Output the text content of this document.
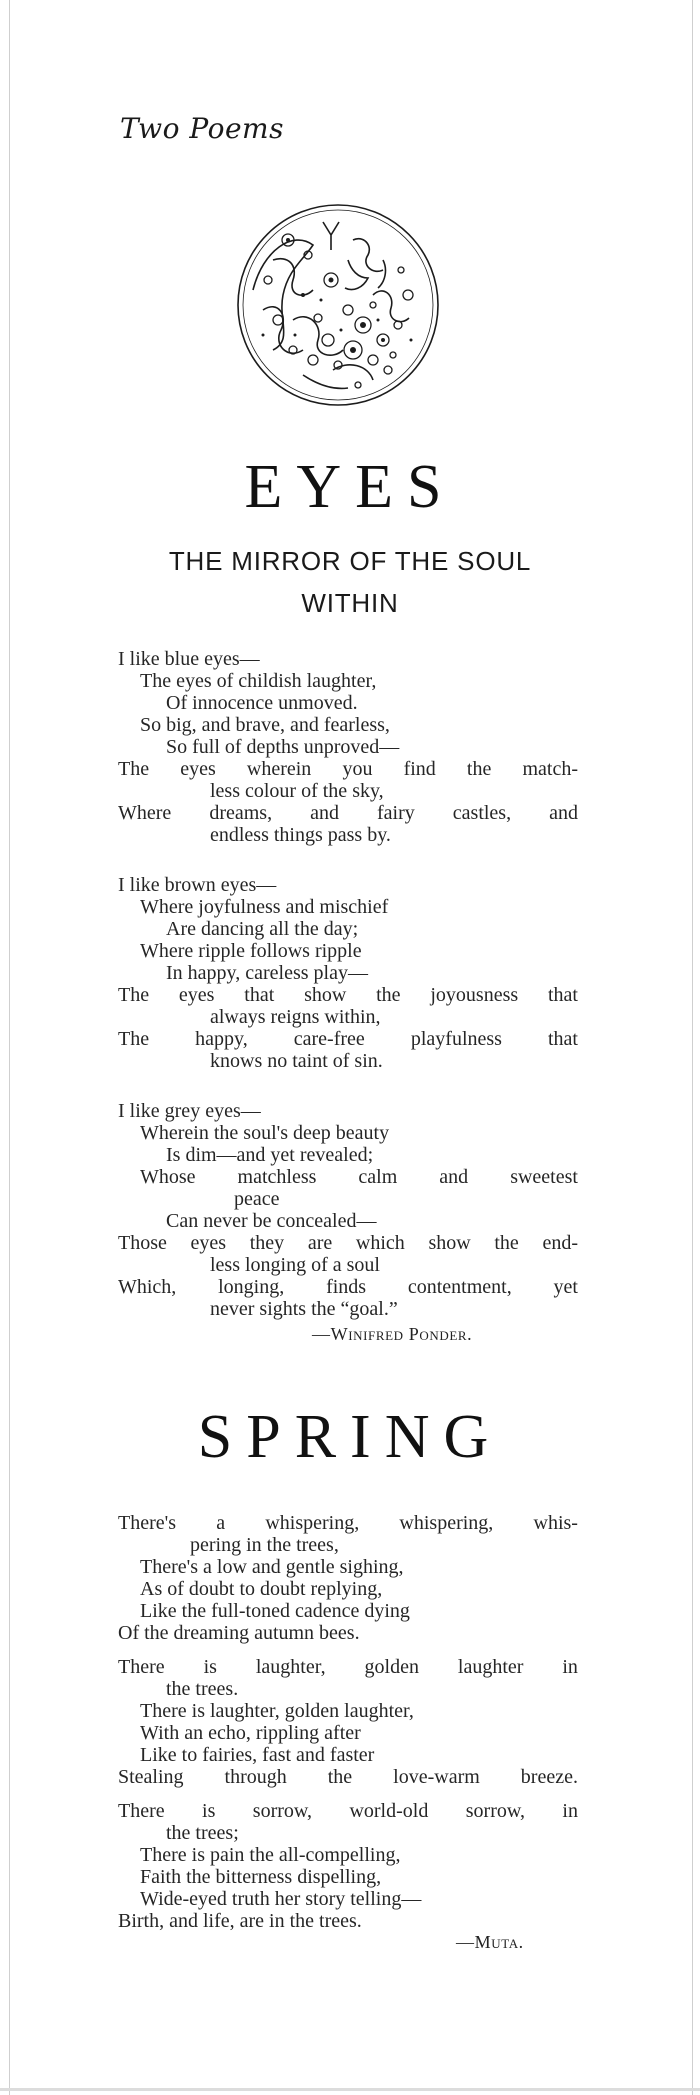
Two Poems
EYES
THE MIRROR OF THE SOUL
WITHIN
I like blue eyes—
The eyes of childish laughter,
Of innocence unmoved.
So big, and brave, and fearless,
So full of depths unproved—
The eyes wherein you find the match-
less colour of the sky,
Where dreams, and fairy castles, and
endless things pass by.
I like brown eyes—
Where joyfulness and mischief
Are dancing all the day;
Where ripple follows ripple
In happy, careless play—
The eyes that show the joyousness that
always reigns within,
The happy, care-free playfulness that
knows no taint of sin.
I like grey eyes—
Wherein the soul's deep beauty
Is dim—and yet revealed;
Whose matchless calm and sweetest
peace
Can never be concealed—
Those eyes they are which show the end-
less longing of a soul
Which, longing, finds contentment, yet
never sights the “goal.”
—Winifred Ponder.
SPRING
There's a whispering, whispering, whis-
pering in the trees,
There's a low and gentle sighing,
As of doubt to doubt replying,
Like the full-toned cadence dying
Of the dreaming autumn bees.
There is laughter, golden laughter in
the trees.
There is laughter, golden laughter,
With an echo, rippling after
Like to fairies, fast and faster
Stealing through the love-warm breeze.
There is sorrow, world-old sorrow, in
the trees;
There is pain the all-compelling,
Faith the bitterness dispelling,
Wide-eyed truth her story telling—
Birth, and life, are in the trees.
—Muta.
